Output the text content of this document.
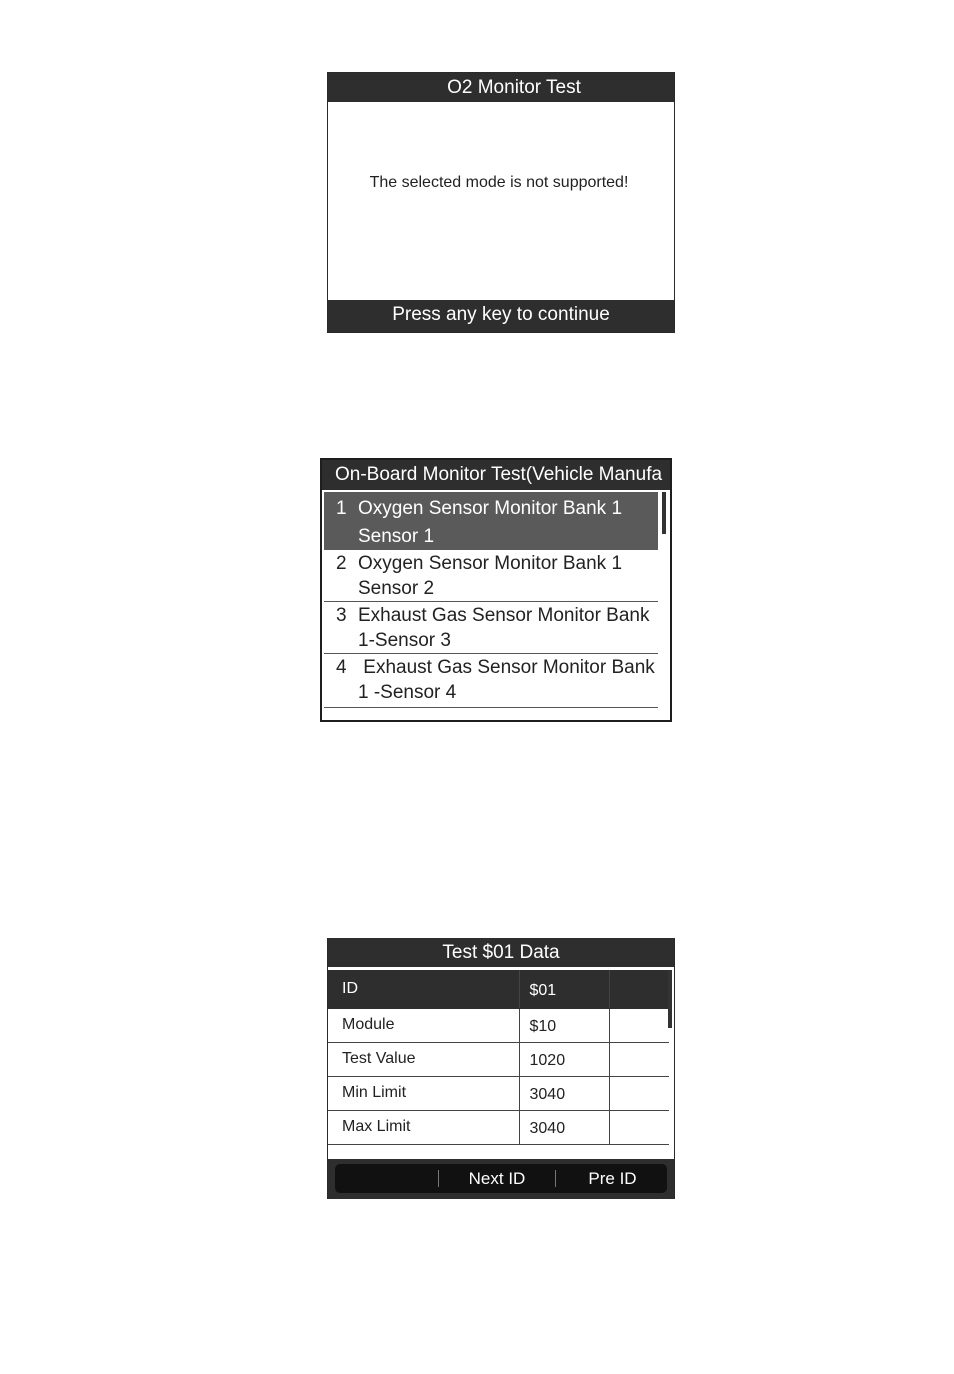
O2 Monitor Test
The selected mode is not supported!
Press any key to continue
On-Board Monitor Test(Vehicle Manufa
1 Oxygen Sensor Monitor Bank 1
Sensor 1
2 Oxygen Sensor Monitor Bank 1
Sensor 2
3 Exhaust Gas Sensor Monitor Bank
1-Sensor 3
4 Exhaust Gas Sensor Monitor Bank
1 -Sensor 4
Test $01 Data
ID	$01	
Module	$10	
Test Value	1020	
Min Limit	3040	
Max Limit	3040	
Next ID	Pre ID
